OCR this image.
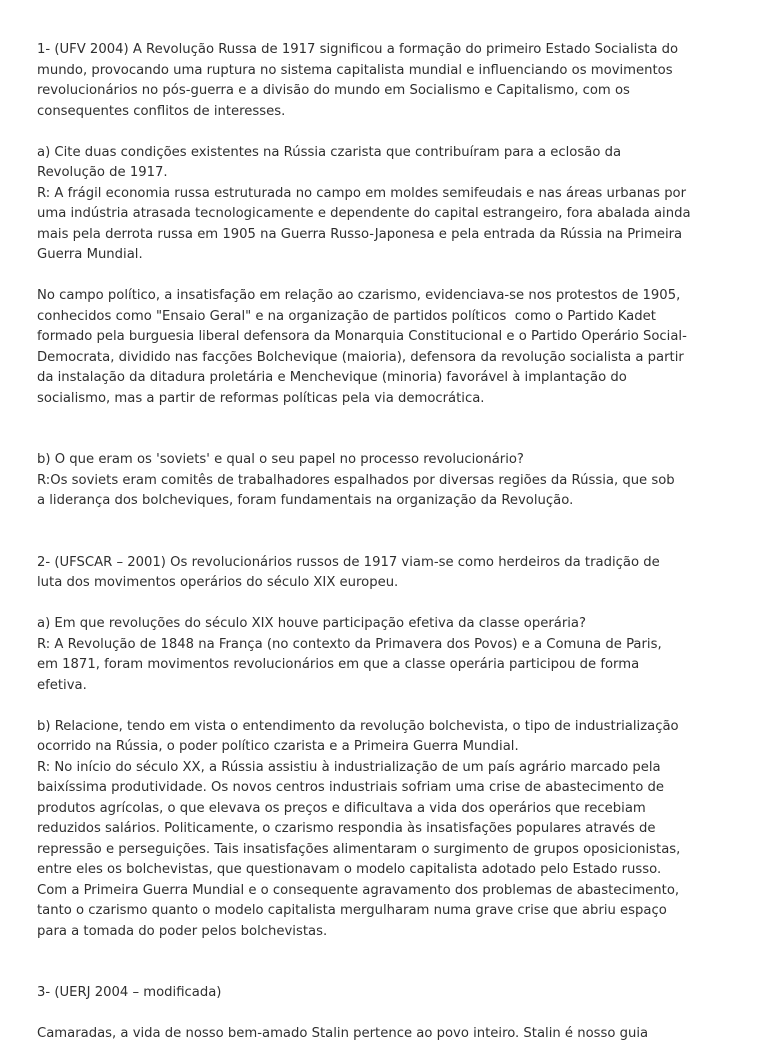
1- (UFV 2004) A Revolução Russa de 1917 significou a formação do primeiro Estado Socialista do
mundo, provocando uma ruptura no sistema capitalista mundial e influenciando os movimentos
revolucionários no pós-guerra e a divisão do mundo em Socialismo e Capitalismo, com os
consequentes conflitos de interesses.

a) Cite duas condições existentes na Rússia czarista que contribuíram para a eclosão da
Revolução de 1917.

R: A frágil economia russa estruturada no campo em moldes semifeudais e nas áreas urbanas por
uma indústria atrasada tecnologicamente e dependente do capital estrangeiro, fora abalada ainda
mais pela derrota russa em 1905 na Guerra Russo-Japonesa e pela entrada da Rússia na Primeira
Guerra Mundial.

No campo político, a insatisfação em relação ao czarismo, evidenciava-se nos protestos de 1905,
conhecidos como "Ensaio Geral" e na organização de partidos políticos  como o Partido Kadet
formado pela burguesia liberal defensora da Monarquia Constitucional e o Partido Operário Social-
Democrata, dividido nas facções Bolchevique (maioria), defensora da revolução socialista a partir
da instalação da ditadura proletária e Menchevique (minoria) favorável à implantação do
socialismo, mas a partir de reformas políticas pela via democrática.

b) O que eram os 'soviets' e qual o seu papel no processo revolucionário?

R:Os soviets eram comitês de trabalhadores espalhados por diversas regiões da Rússia, que sob
a liderança dos bolcheviques, foram fundamentais na organização da Revolução.

2- (UFSCAR – 2001) Os revolucionários russos de 1917 viam-se como herdeiros da tradição de
luta dos movimentos operários do século XIX europeu.

a) Em que revoluções do século XIX houve participação efetiva da classe operária?

R: A Revolução de 1848 na França (no contexto da Primavera dos Povos) e a Comuna de Paris,
em 1871, foram movimentos revolucionários em que a classe operária participou de forma
efetiva.

b) Relacione, tendo em vista o entendimento da revolução bolchevista, o tipo de industrialização
ocorrido na Rússia, o poder político czarista e a Primeira Guerra Mundial.

R: No início do século XX, a Rússia assistiu à industrialização de um país agrário marcado pela
baixíssima produtividade. Os novos centros industriais sofriam uma crise de abastecimento de
produtos agrícolas, o que elevava os preços e dificultava a vida dos operários que recebiam
reduzidos salários. Politicamente, o czarismo respondia às insatisfações populares através de
repressão e perseguições. Tais insatisfações alimentaram o surgimento de grupos oposicionistas,
entre eles os bolchevistas, que questionavam o modelo capitalista adotado pelo Estado russo.
Com a Primeira Guerra Mundial e o consequente agravamento dos problemas de abastecimento,
tanto o czarismo quanto o modelo capitalista mergulharam numa grave crise que abriu espaço
para a tomada do poder pelos bolchevistas.

3- (UERJ 2004 – modificada)

Camaradas, a vida de nosso bem-amado Stalin pertence ao povo inteiro. Stalin é nosso guia
